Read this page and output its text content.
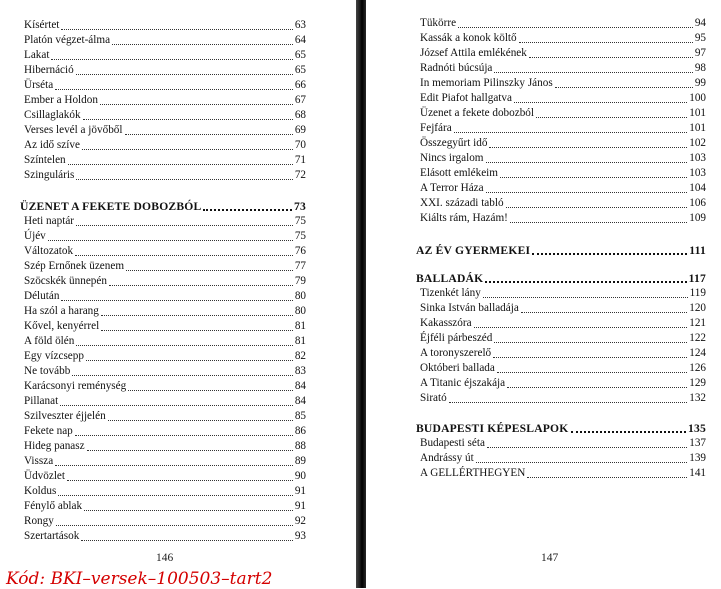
Kísértet	63
Platón végzet-álma	64
Lakat	65
Hibernáció	65
Ürséta	66
Ember a Holdon	67
Csillaglakók	68
Verses levél a jövőből	69
Az idő szíve	70
Színtelen	71
Szinguláris	72
ÜZENET A FEKETE DOBOZBÓL	73
Heti naptár	75
Újév	75
Változatok	76
Szép Ernőnek üzenem	77
Szöcskék ünnepén	79
Délután	80
Ha szól a harang	80
Kővel, kenyérrel	81
A föld ölén	81
Egy vízcsepp	82
Ne tovább	83
Karácsonyi reménység	84
Pillanat	84
Szilveszter éjjelén	85
Fekete nap	86
Hideg panasz	88
Vissza	89
Üdvözlet	90
Koldus	91
Fénylő ablak	91
Rongy	92
Szertartások	93
146
Tükörre	94
Kassák a konok költő	95
József Attila emlékének	97
Radnóti búcsúja	98
In memoriam Pilinszky János	99
Edit Piafot hallgatva	100
Üzenet a fekete dobozból	101
Fejfára	101
Összegyűrt idő	102
Nincs irgalom	103
Elásott emlékeim	103
A Terror Háza	104
XXI. századi tabló	106
Kiálts rám, Hazám!	109
AZ ÉV GYERMEKEI	111
BALLADÁK	117
Tizenkét lány	119
Sinka István balladája	120
Kakasszóra	121
Éjféli párbeszéd	122
A toronyszerelő	124
Októberi ballada	126
A Titanic éjszakája	129
Sirató	132
BUDAPESTI KÉPESLAPOK	135
Budapesti séta	137
Andrássy út	139
A GELLÉRTHEGYEN	141
147
Kód: BKI–versek–100503–tart2
